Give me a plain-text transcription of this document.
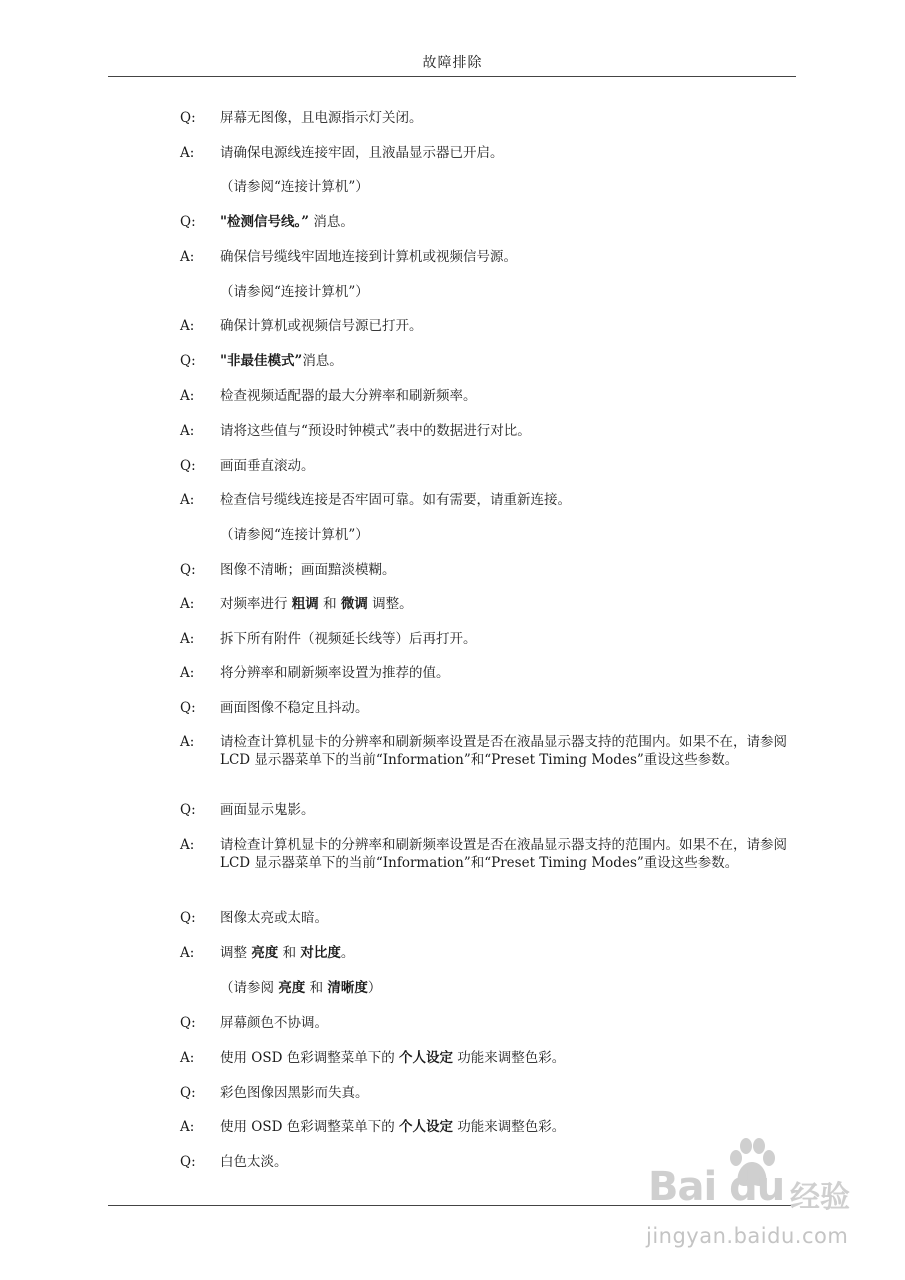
故障排除
Q:	屏幕无图像，且电源指示灯关闭。
A:	请确保电源线连接牢固，且液晶显示器已开启。
（请参阅“连接计算机”）
Q:	"检测信号线。” 消息。
A:	确保信号缆线牢固地连接到计算机或视频信号源。
（请参阅“连接计算机”）
A:	确保计算机或视频信号源已打开。
Q:	"非最佳模式”消息。
A:	检查视频适配器的最大分辨率和刷新频率。
A:	请将这些值与“预设时钟模式”表中的数据进行对比。
Q:	画面垂直滚动。
A:	检查信号缆线连接是否牢固可靠。如有需要，请重新连接。
（请参阅“连接计算机”）
Q:	图像不清晰；画面黯淡模糊。
A:	对频率进行 粗调 和 微调 调整。
A:	拆下所有附件（视频延长线等）后再打开。
A:	将分辨率和刷新频率设置为推荐的值。
Q:	画面图像不稳定且抖动。
A:	请检查计算机显卡的分辨率和刷新频率设置是否在液晶显示器支持的范围内。如果不在，请参阅 LCD 显示器菜单下的当前“Information”和“Preset Timing Modes”重设这些参数。
Q:	画面显示鬼影。
A:	请检查计算机显卡的分辨率和刷新频率设置是否在液晶显示器支持的范围内。如果不在，请参阅 LCD 显示器菜单下的当前“Information”和“Preset Timing Modes”重设这些参数。
Q:	图像太亮或太暗。
A:	调整 亮度 和 对比度。
（请参阅 亮度 和 清晰度）
Q:	屏幕颜色不协调。
A:	使用 OSD 色彩调整菜单下的 个人设定 功能来调整色彩。
Q:	彩色图像因黑影而失真。
A:	使用 OSD 色彩调整菜单下的 个人设定 功能来调整色彩。
Q:	白色太淡。
Bai du 经验
jingyan.baidu.com
